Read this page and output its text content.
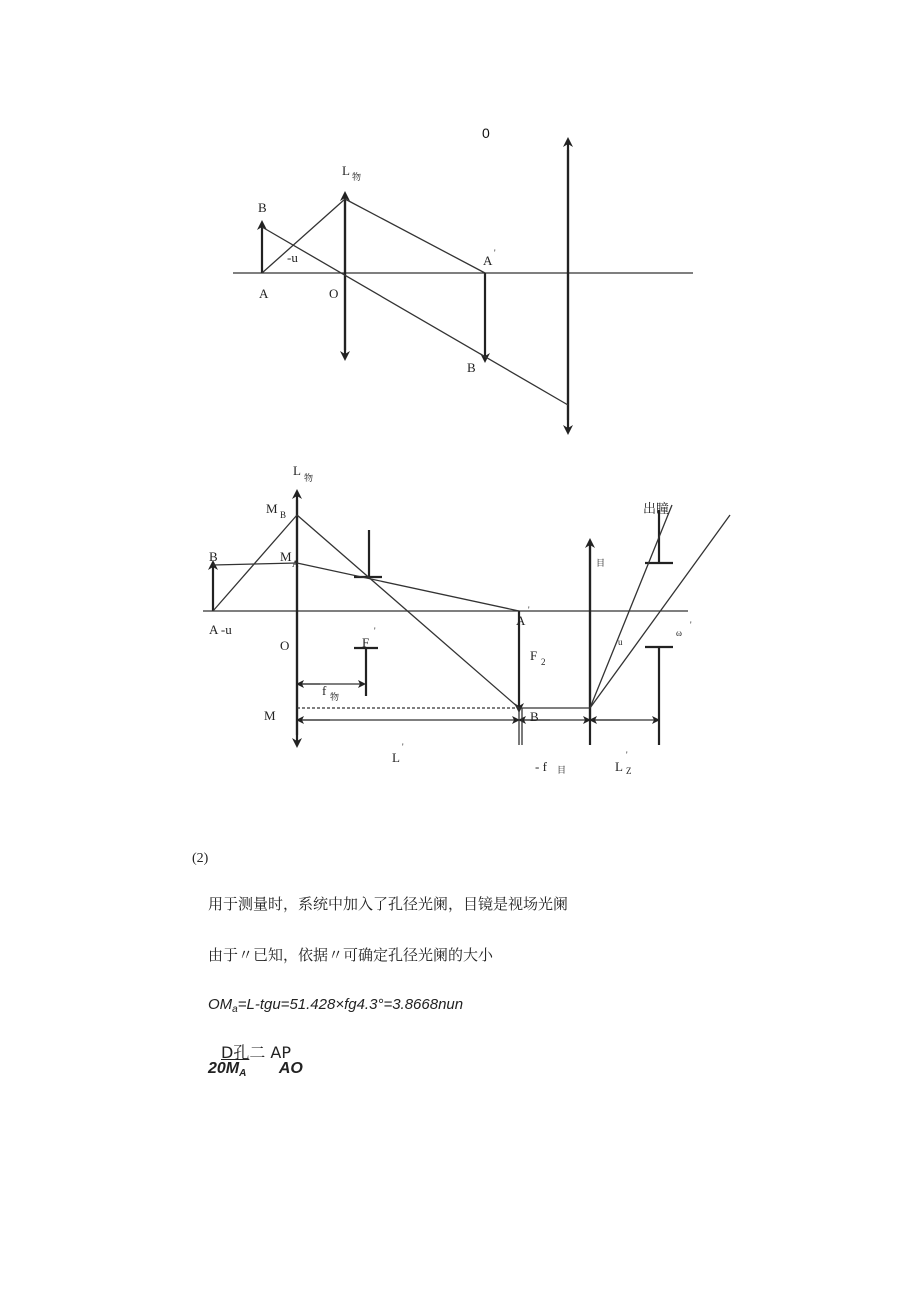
0
L 物
B
-u
A	O
A '
B
L 物
M B
B	M A
A -u
O	F
'
f 物
M
A
'
F 2
B
目
出瞳
u
ω
'
L
'
- f 目	L
'
Z
(2)
用于测量时，系统中加入了孔径光阑，目镜是视场光阑
由于〃已知，依据〃可确定孔径光阑的大小
$OM_a=L-tgu=51.428\times fg4.3^\circ=3.8668nun$
D孔二 AP
$20M_A$ AO
